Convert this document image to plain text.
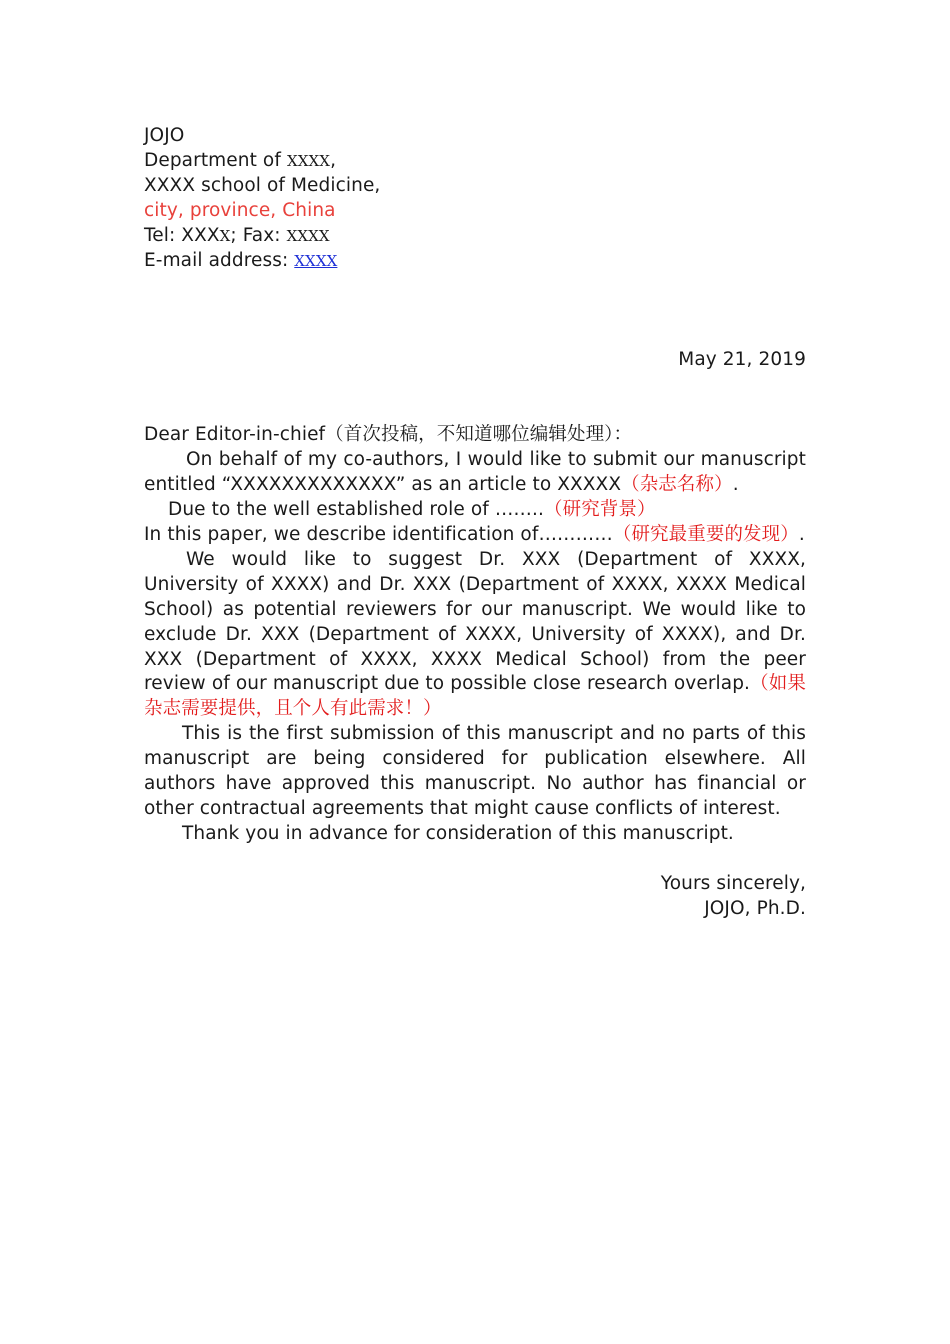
JOJO
Department of XXXX,
XXXX school of Medicine,
city, province, China
Tel: XXXX; Fax: XXXX
E-mail address: XXXX
May 21, 2019
Dear Editor-in-chief（首次投稿，不知道哪位编辑处理）：
On behalf of my co-authors, I would like to submit our manuscript entitled “XXXXXXXXXXXXX” as an article to XXXXX（杂志名称）.
Due to the well established role of ……..（研究背景）
In this paper, we describe identification of…………（研究最重要的发现）.
We would like to suggest Dr. XXX (Department of XXXX, University of XXXX) and Dr. XXX (Department of XXXX, XXXX Medical School) as potential reviewers for our manuscript. We would like to exclude Dr. XXX (Department of XXXX, University of XXXX), and Dr. XXX (Department of XXXX, XXXX Medical School) from the peer review of our manuscript due to possible close research overlap.（如果杂志需要提供，且个人有此需求！）
This is the first submission of this manuscript and no parts of this manuscript are being considered for publication elsewhere. All authors have approved this manuscript. No author has financial or other contractual agreements that might cause conflicts of interest.
Thank you in advance for consideration of this manuscript.
Yours sincerely,
JOJO, Ph.D.
